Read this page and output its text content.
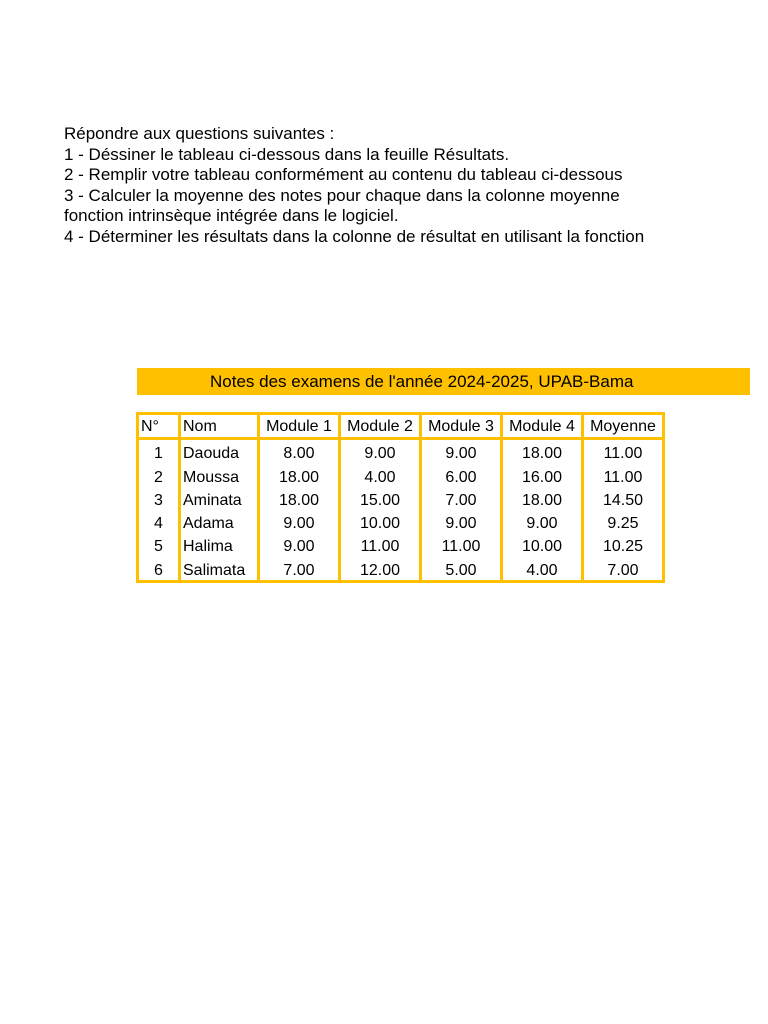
Répondre aux questions suivantes :
1 - Déssiner le tableau ci-dessous dans la feuille Résultats.
2 - Remplir votre tableau conformément au contenu du tableau ci-dessous
3 - Calculer la moyenne des notes pour chaque dans la colonne moyenne
fonction intrinsèque intégrée dans le logiciel.
4 - Déterminer les résultats dans la colonne de résultat en utilisant la fonction
Notes des examens de l'année 2024-2025, UPAB-Bama
N°	Nom	Module 1	Module 2	Module 3	Module 4	Moyenne
1	Daouda	8.00	9.00	9.00	18.00	11.00
2	Moussa	18.00	4.00	6.00	16.00	11.00
3	Aminata	18.00	15.00	7.00	18.00	14.50
4	Adama	9.00	10.00	9.00	9.00	9.25
5	Halima	9.00	11.00	11.00	10.00	10.25
6	Salimata	7.00	12.00	5.00	4.00	7.00
